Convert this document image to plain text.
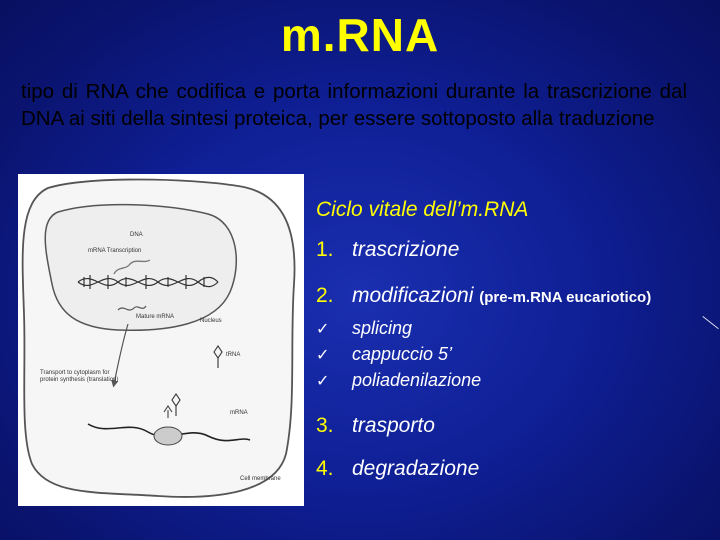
m.RNA
tipo di RNA che codifica e porta informazioni durante la trascrizione dal DNA ai siti della sintesi proteica, per essere sottoposto alla traduzione
DNA
mRNA Transcription
Mature mRNA
Nucleus
Transport to cytoplasm for protein synthesis (translation)
tRNA
mRNA
Cell membrane
Ciclo vitale dell’m.RNA
1. trascrizione
2. modificazioni (pre-m.RNA eucariotico)
✓ splicing
✓ cappuccio 5’
✓ poliadenilazione
3. trasporto
4. degradazione
